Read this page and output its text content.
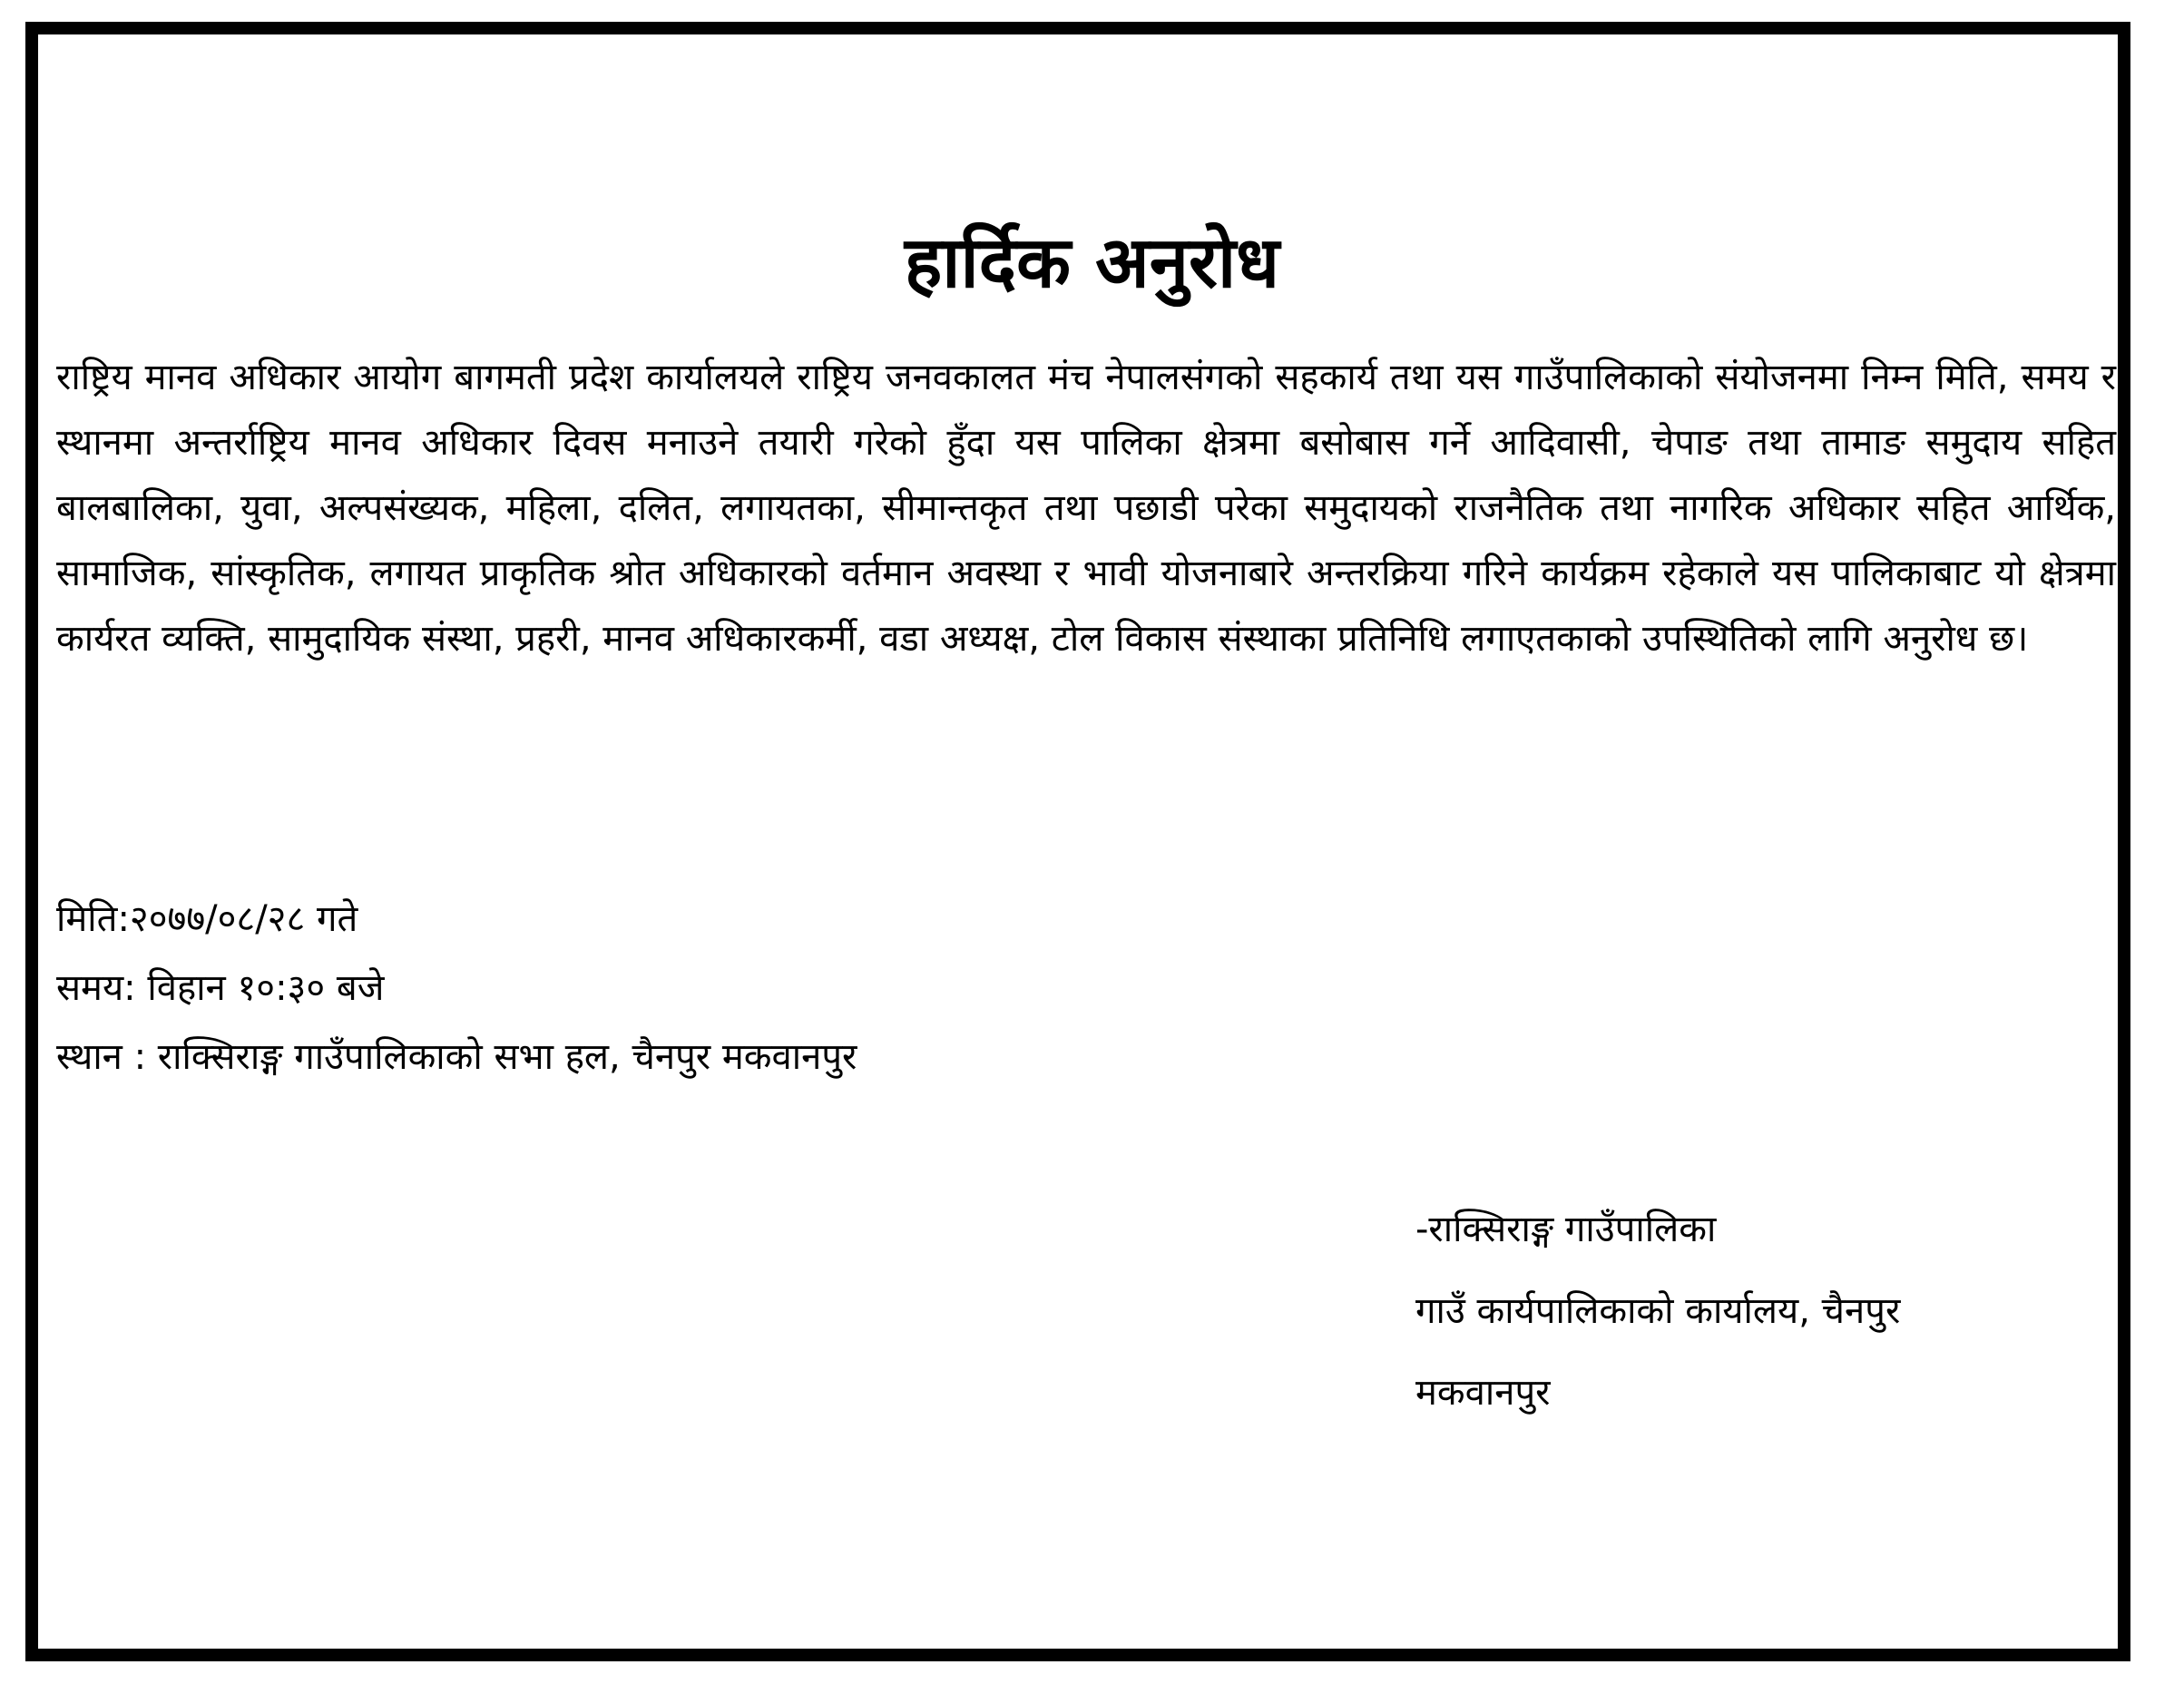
हार्दिक अनुरोध
राष्ट्रिय मानव अधिकार आयोग बागमती प्रदेश कार्यालयले राष्ट्रिय जनवकालत मंच नेपालसंगको सहकार्य तथा यस गाउँपालिकाको संयोजनमा निम्न मिति, समय र स्थानमा अन्तर्राष्ट्रिय मानव अधिकार दिवस मनाउने तयारी गरेको हुँदा यस पालिका क्षेत्रमा बसोबास गर्ने आदिवासी, चेपाङ तथा तामाङ समुदाय सहित बालबालिका, युवा, अल्पसंख्यक, महिला, दलित, लगायतका, सीमान्तकृत तथा पछाडी परेका समुदायको राजनैतिक तथा नागरिक अधिकार सहित आर्थिक, सामाजिक, सांस्कृतिक, लगायत प्राकृतिक श्रोत अधिकारको वर्तमान अवस्था र भावी योजनाबारे अन्तरक्रिया गरिने कार्यक्रम रहेकाले यस पालिकाबाट यो क्षेत्रमा कार्यरत व्यक्ति, सामुदायिक संस्था, प्रहरी, मानव अधिकारकर्मी, वडा अध्यक्ष, टोल विकास संस्थाका प्रतिनिधि लगाएतकाको उपस्थितिको लागि अनुरोध छ।
मिति:२०७७/०८/२८ गते
समय: विहान १०:३० बजे
स्थान : राक्सिराङ्ग गाउँपालिकाको सभा हल, चैनपुर मकवानपुर
-राक्सिराङ्ग गाउँपालिका
गाउँ कार्यपालिकाको कार्यालय, चैनपुर
मकवानपुर
